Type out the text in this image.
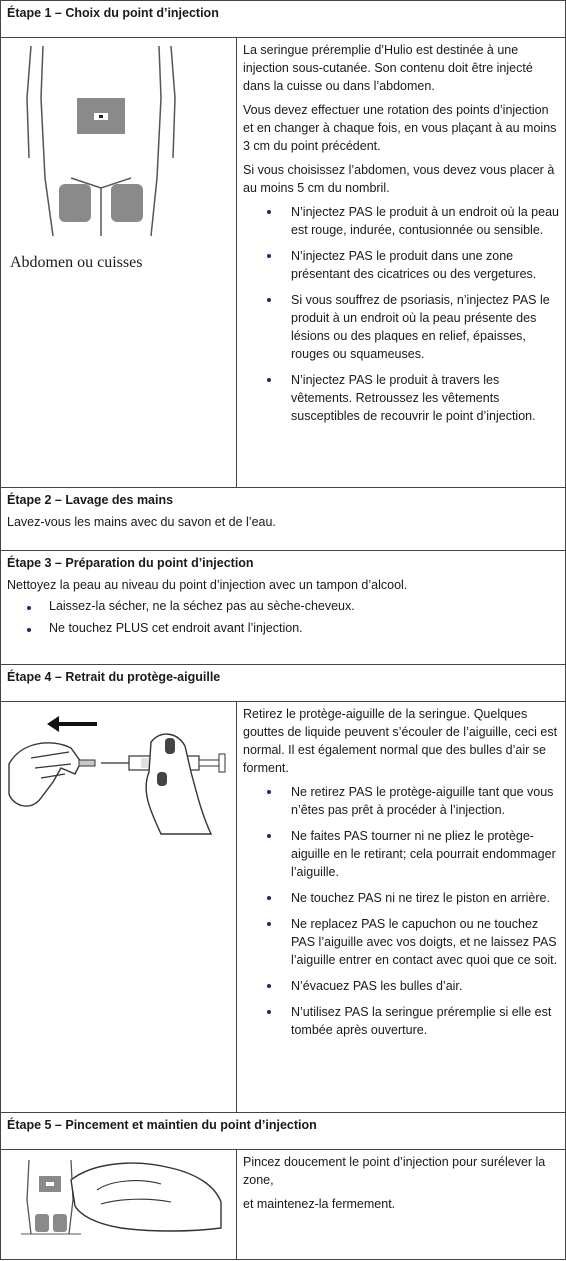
Étape 1 – Choix du point d’injection
Abdomen ou cuisses

La seringue préremplie d’Hulio est destinée à une injection sous-cutanée. Son contenu doit être injecté dans la cuisse ou dans l’abdomen.

Vous devez effectuer une rotation des points d’injection et en changer à chaque fois, en vous plaçant à au moins 3 cm du point précédent.

Si vous choisissez l’abdomen, vous devez vous placer à au moins 5 cm du nombril.

N’injectez PAS le produit à un endroit où la peau est rouge, indurée, contusionnée ou sensible.
N’injectez PAS le produit dans une zone présentant des cicatrices ou des vergetures.
Si vous souffrez de psoriasis, n’injectez PAS le produit à un endroit où la peau présente des lésions ou des plaques en relief, épaisses, rouges ou squameuses.
N’injectez PAS le produit à travers les vêtements. Retroussez les vêtements susceptibles de recouvrir le point d’injection.
Étape 2 – Lavage des mains
Lavez-vous les mains avec du savon et de l’eau.
Étape 3 – Préparation du point d’injection
Nettoyez la peau au niveau du point d’injection avec un tampon d’alcool.
Laissez-la sécher, ne la séchez pas au sèche-cheveux.
Ne touchez PLUS cet endroit avant l’injection.
Étape 4 – Retrait du protège-aiguille

Retirez le protège-aiguille de la seringue. Quelques gouttes de liquide peuvent s’écouler de l’aiguille, ceci est normal. Il est également normal que des bulles d’air se forment.

Ne retirez PAS le protège-aiguille tant que vous n’êtes pas prêt à procéder à l’injection.
Ne faites PAS tourner ni ne pliez le protège-aiguille en le retirant; cela pourrait endommager l’aiguille.
Ne touchez PAS ni ne tirez le piston en arrière.
Ne replacez PAS le capuchon ou ne touchez PAS l’aiguille avec vos doigts, et ne laissez PAS l’aiguille entrer en contact avec quoi que ce soit.
N’évacuez PAS les bulles d’air.
N’utilisez PAS la seringue préremplie si elle est tombée après ouverture.
Étape 5 – Pincement et maintien du point d’injection

Pincez doucement le point d’injection pour surélever la zone,

et maintenez-la fermement.
